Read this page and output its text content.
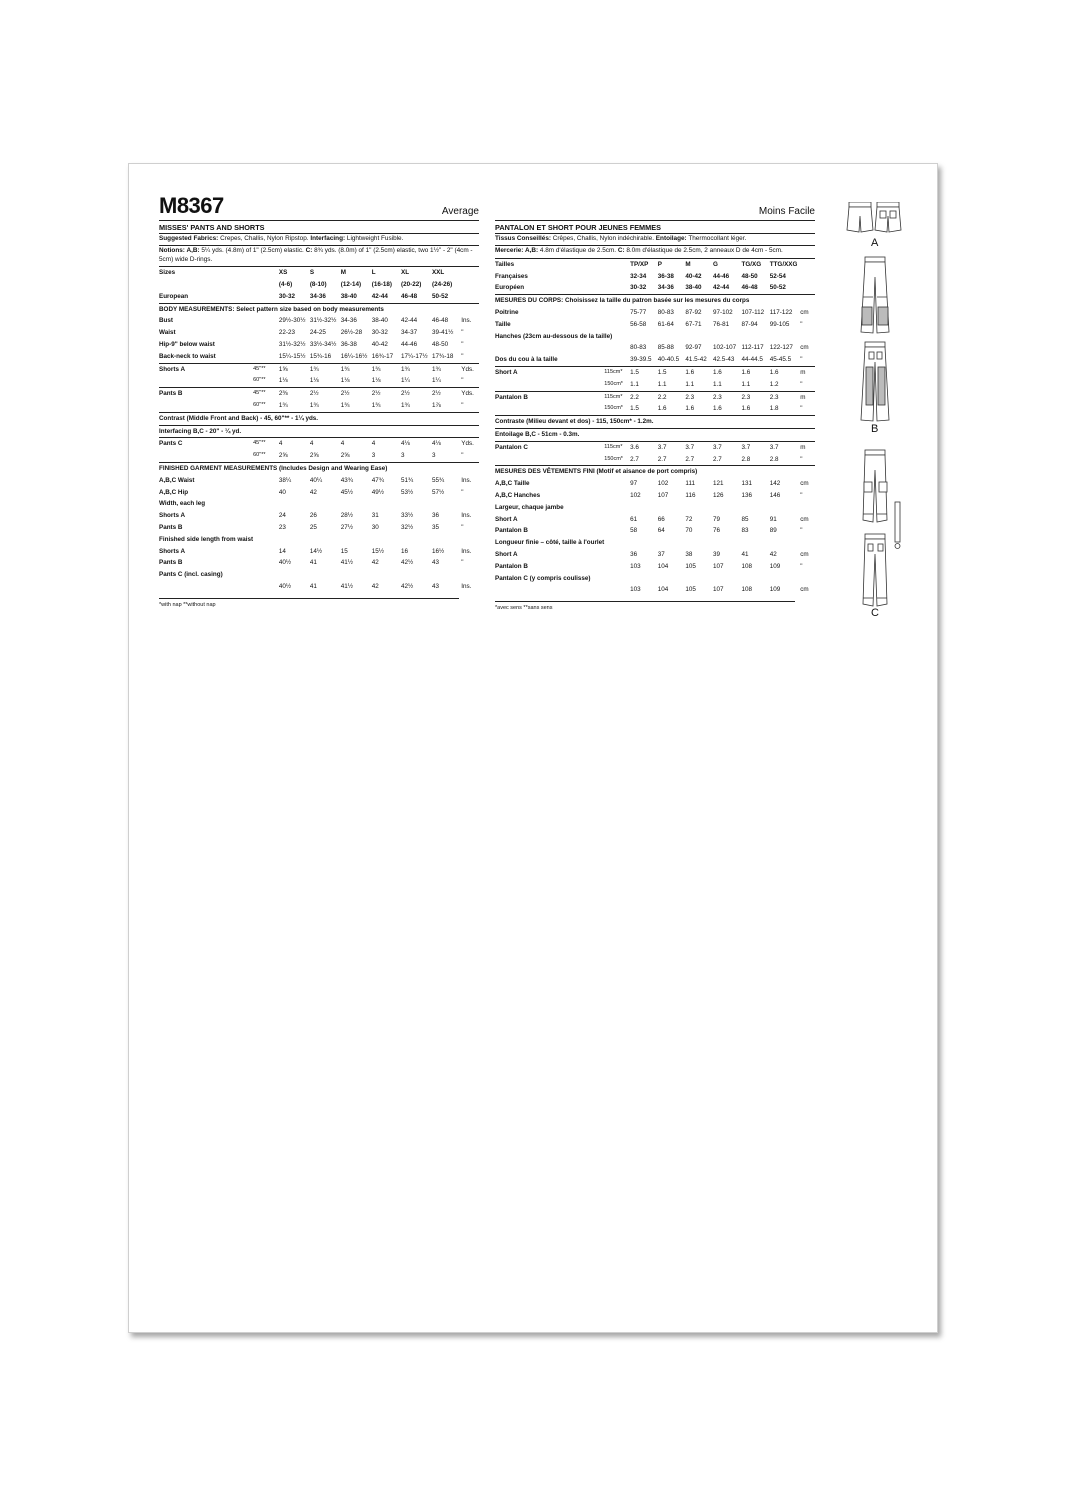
M8367	Average
MISSES' PANTS AND SHORTS
Suggested Fabrics: Crepes, Challis, Nylon Ripstop. Interfacing: Lightweight Fusible.
Notions: A,B: 5¼ yds. (4.8m) of 1" (2.5cm) elastic. C: 8¾ yds. (8.0m) of 1" (2.5cm) elastic, two 1½" - 2" (4cm - 5cm) wide D-rings.
Sizes		XS	S	M	L	XL	XXL	
		(4-6)	(8-10)	(12-14)	(16-18)	(20-22)	(24-26)	
European		30-32	34-36	38-40	42-44	46-48	50-52	
BODY MEASUREMENTS: Select pattern size based on body measurements								
Bust		29½-30½	31½-32½	34-36	38-40	42-44	46-48	Ins.
Waist		22-23	24-25	26½-28	30-32	34-37	39-41½	"
Hip-9" below waist		31½-32½	33½-34½	36-38	40-42	44-46	48-50	"
Back-neck to waist		15¼-15½	15¾-16	16¼-16½	16¾-17	17¼-17½	17¾-18	"
Shorts A	45"**	1⅝	1¾	1¾	1¾	1¾	1¾	Yds.
	60"**	1⅛	1⅛	1⅛	1⅛	1¼	1¼	"
Pants B	45"**	2⅜	2½	2½	2½	2½	2½	Yds.
	60"**	1¾	1¾	1¾	1¾	1¾	1⅞	"
Contrast (Middle Front and Back) - 45, 60"** - 1¼ yds.								
Interfacing B,C - 20" - ¼ yd.								
Pants C	45"**	4	4	4	4	4⅛	4⅛	Yds.
	60"**	2⅝	2⅝	2⅝	3	3	3	"
FINISHED GARMENT MEASUREMENTS (Includes Design and Wearing Ease)								
A,B,C Waist		38¼	40¼	43¾	47¾	51¾	55¾	Ins.
A,B,C Hip		40	42	45½	49½	53½	57½	"
Width, each leg								
Shorts A		24	26	28½	31	33½	36	Ins.
Pants B		23	25	27½	30	32½	35	"
Finished side length from waist								
Shorts A		14	14½	15	15½	16	16½	Ins.
Pants B		40½	41	41½	42	42½	43	"
Pants C (incl. casing)								
		40½	41	41½	42	42½	43	Ins.
*with nap **without nap
Moins Facile
PANTALON ET SHORT POUR JEUNES FEMMES
Tissus Conseillés: Crêpes, Challis, Nylon indéchirable. Entoilage: Thermocollant léger.
Mercerie: A,B: 4.8m d'élastique de 2.5cm. C: 8.0m d'élastique de 2.5cm, 2 anneaux D de 4cm - 5cm.
Tailles		TP/XP	P	M	G	TG/XG	TTG/XXG	
Françaises		32-34	36-38	40-42	44-46	48-50	52-54	
Européen		30-32	34-36	38-40	42-44	46-48	50-52	
MESURES DU CORPS: Choisissez la taille du patron basée sur les mesures du corps								
Poitrine		75-77	80-83	87-92	97-102	107-112	117-122	cm
Taille		56-58	61-64	67-71	76-81	87-94	99-105	"
Hanches (23cm au-dessous de la taille)								
		80-83	85-88	92-97	102-107	112-117	122-127	cm
Dos du cou à la taille		39-39.5	40-40.5	41.5-42	42.5-43	44-44.5	45-45.5	"
Short A	115cm*	1.5	1.5	1.6	1.6	1.6	1.6	m
	150cm*	1.1	1.1	1.1	1.1	1.1	1.2	"
Pantalon B	115cm*	2.2	2.2	2.3	2.3	2.3	2.3	m
	150cm*	1.5	1.6	1.6	1.6	1.6	1.8	"
Contraste (Milieu devant et dos) - 115, 150cm* - 1.2m.								
Entoilage B,C - 51cm - 0.3m.								
Pantalon C	115cm*	3.6	3.7	3.7	3.7	3.7	3.7	m
	150cm*	2.7	2.7	2.7	2.7	2.8	2.8	"
MESURES DES VÊTEMENTS FINI (Motif et aisance de port compris)								
A,B,C Taille		97	102	111	121	131	142	cm
A,B,C Hanches		102	107	116	126	136	146	"
Largeur, chaque jambe								
Short A		61	66	72	79	85	91	cm
Pantalon B		58	64	70	76	83	89	"
Longueur finie – côté, taille à l'ourlet								
Short A		36	37	38	39	41	42	cm
Pantalon B		103	104	105	107	108	109	"
Pantalon C (y compris coulisse)								
		103	104	105	107	108	109	cm
*avec sens **sans sens
A
B
C
